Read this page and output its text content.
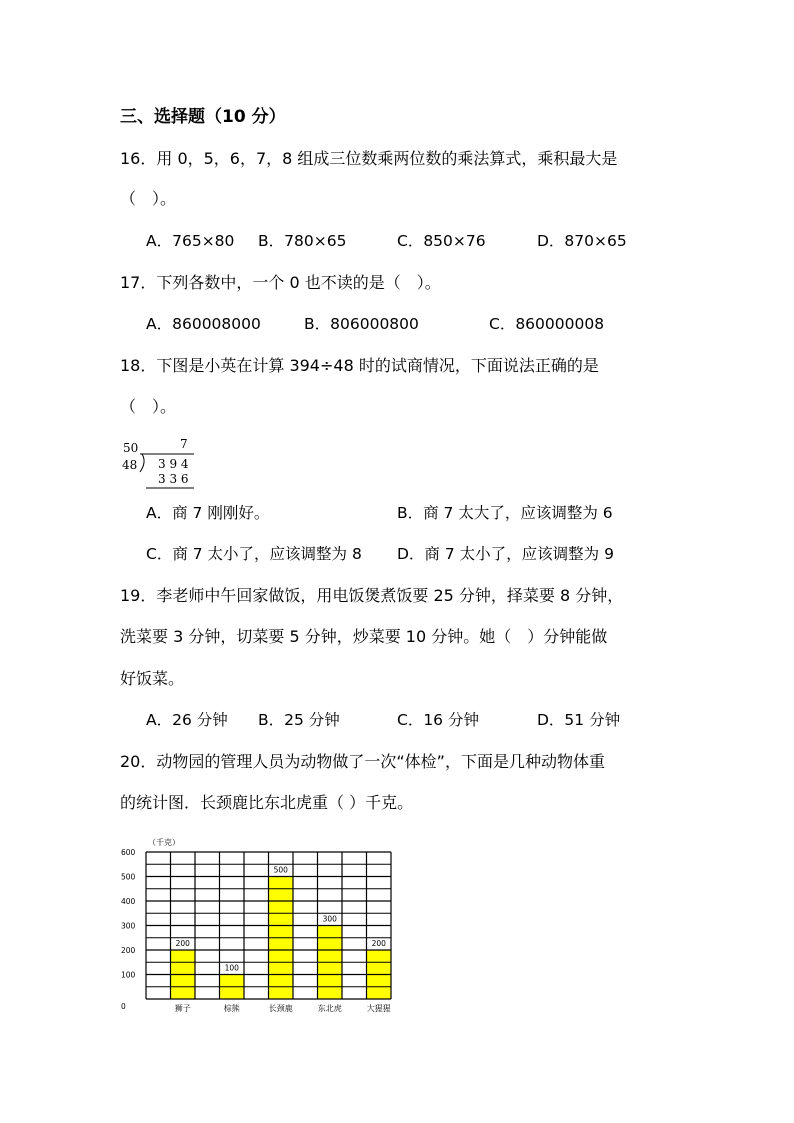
三、选择题（10 分）
16．用 0，5，6，7，8 组成三位数乘两位数的乘法算式，乘积最大是
（　）。
A．765×80 B．780×65	C．850×76	D．870×65
17．下列各数中，一个 0 也不读的是（　）。
A．860008000	B．806000800	C．860000008
18．下图是小英在计算 394÷48 时的试商情况，下面说法正确的是
（　）。
50	7
48 3 9 4
3 3 6
A．商 7 刚刚好。	B．商 7 太大了，应该调整为 6
C．商 7 太小了，应该调整为 8 D．商 7 太小了，应该调整为 9
19．李老师中午回家做饭，用电饭煲煮饭要 25 分钟，择菜要 8 分钟，
洗菜要 3 分钟，切菜要 5 分钟，炒菜要 10 分钟。她（　）分钟能做
好饭菜。
A．26 分钟 B．25 分钟	C．16 分钟	D．51 分钟
20．动物园的管理人员为动物做了一次“体检”，下面是几种动物体重
的统计图．长颈鹿比东北虎重（ ）千克。
0
100
200
300
400
500
600
（千克）
200
狮子
100
棕熊
500
长颈鹿
300
东北虎
200
大猩猩
